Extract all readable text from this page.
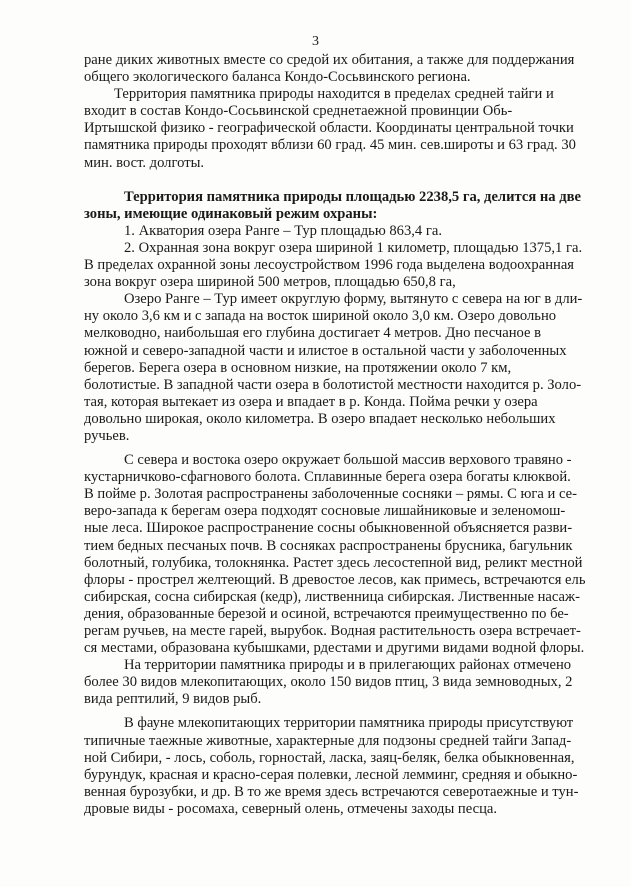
3
ране диких животных вместе со средой их обитания, а также для поддержания
общего экологического баланса Кондо-Сосьвинского региона.
Территория памятника природы находится в пределах средней тайги и
входит в состав Кондо-Сосьвинской среднетаежной провинции Обь-
Иртышской физико - географической области. Координаты центральной точки
памятника природы проходят вблизи 60 град. 45 мин. сев.широты и 63 град. 30
мин. вост. долготы.
Территория памятника природы площадью 2238,5 га, делится на две
зоны, имеющие одинаковый режим охраны:
1. Акватория озера Ранге – Тур площадью 863,4 га.
2. Охранная зона вокруг озера шириной 1 километр, площадью 1375,1 га.
В пределах охранной зоны лесоустройством 1996 года выделена водоохранная
зона вокруг озера шириной 500 метров, площадью 650,8 га,
Озеро Ранге – Тур имеет округлую форму, вытянуто с севера на юг в дли-
ну около 3,6 км и с запада на восток шириной около 3,0 км. Озеро довольно
мелководно, наибольшая его глубина достигает 4 метров. Дно песчаное в
южной и северо-западной части и илистое в остальной части у заболоченных
берегов. Берега озера в основном низкие, на протяжении около 7 км,
болотистые. В западной части озера в болотистой местности находится р. Золо-
тая, которая вытекает из озера и впадает в р. Конда. Пойма речки у озера
довольно широкая, около километра. В озеро впадает несколько небольших
ручьев.
С севера и востока озеро окружает большой массив верхового травяно -
кустарничково-сфагнового болота. Сплавинные берега озера богаты клюквой.
В пойме р. Золотая распространены заболоченные сосняки – рямы. С юга и се-
веро-запада к берегам озера подходят сосновые лишайниковые и зеленомош-
ные леса. Широкое распространение сосны обыкновенной объясняется разви-
тием бедных песчаных почв. В сосняках распространены брусника, багульник
болотный, голубика, толокнянка. Растет здесь лесостепной вид, реликт местной
флоры - прострел желтеющий. В древостое лесов, как примесь, встречаются ель
сибирская, сосна сибирская (кедр), лиственница сибирская. Лиственные насаж-
дения, образованные березой и осиной, встречаются преимущественно по бе-
регам ручьев, на месте гарей, вырубок. Водная растительность озера встречает-
ся местами, образована кубышками, рдестами и другими видами водной флоры.
На территории памятника природы и в прилегающих районах отмечено
более 30 видов млекопитающих, около 150 видов птиц, 3 вида земноводных, 2
вида рептилий, 9 видов рыб.
В фауне млекопитающих территории памятника природы присутствуют
типичные таежные животные, характерные для подзоны средней тайги Запад-
ной Сибири, - лось, соболь, горностай, ласка, заяц-беляк, белка обыкновенная,
бурундук, красная и красно-серая полевки, лесной лемминг, средняя и обыкно-
венная бурозубки, и др. В то же время здесь встречаются северотаежные и тун-
дровые виды - росомаха, северный олень, отмечены заходы песца.
